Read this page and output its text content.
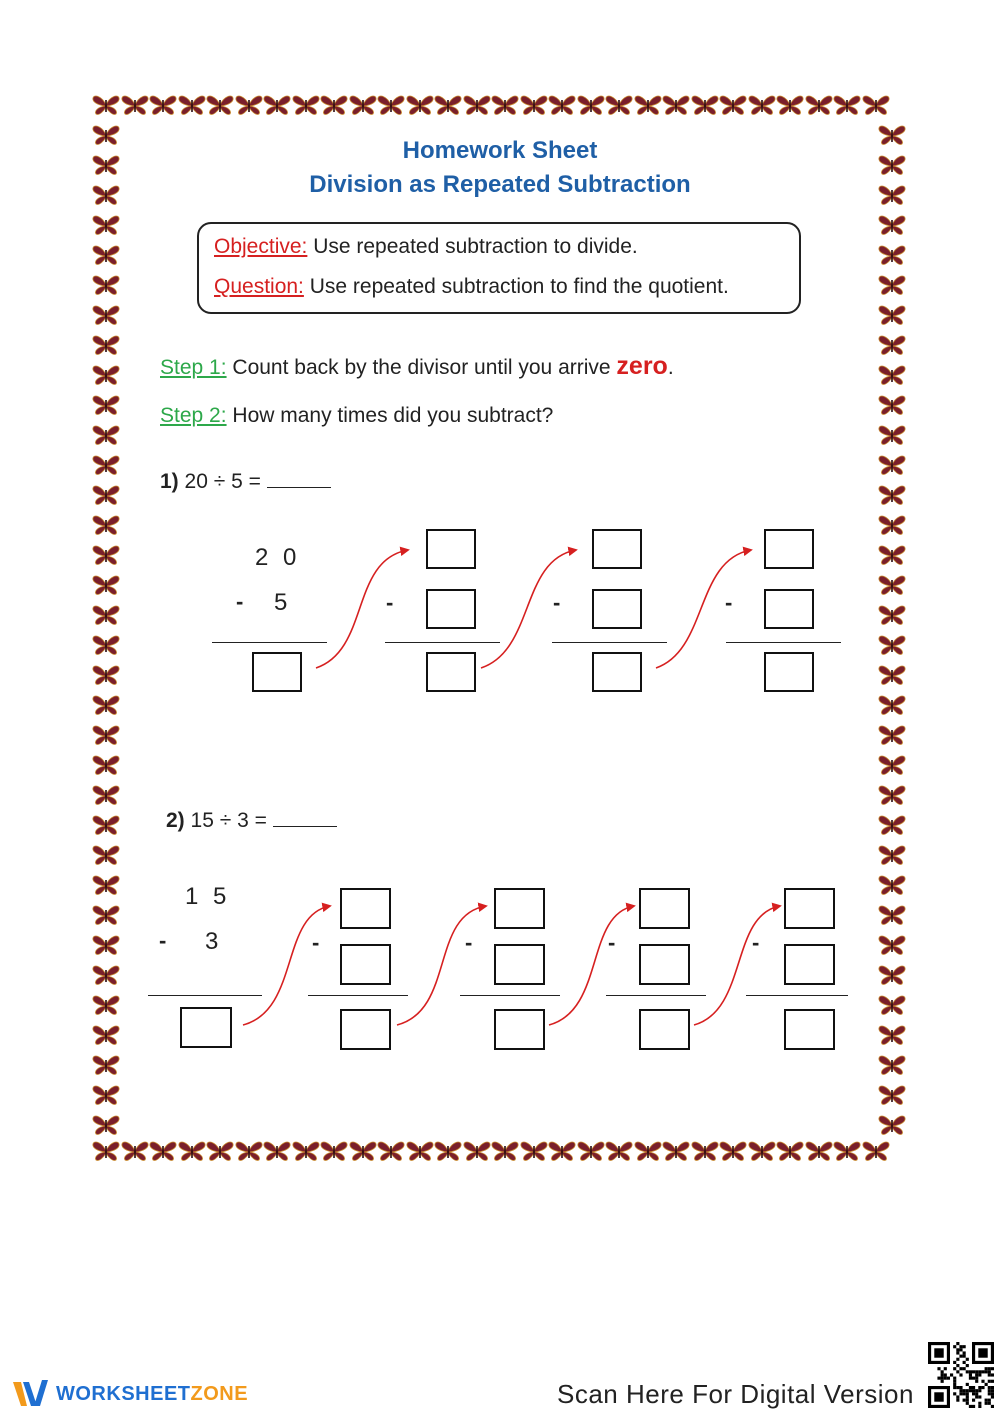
Homework Sheet
Division as Repeated Subtraction
Objective: Use repeated subtraction to divide.
Question: Use repeated subtraction to find the quotient.
Step 1: Count back by the divisor until you arrive zero.
Step 2: How many times did you subtract?
1) 20 ÷ 5 =
2 0
- 5	-	-	-
2) 15 ÷ 3 =
1 5
- 3	-	-	-	-
WORKSHEETZONE	Scan Here For Digital Version
